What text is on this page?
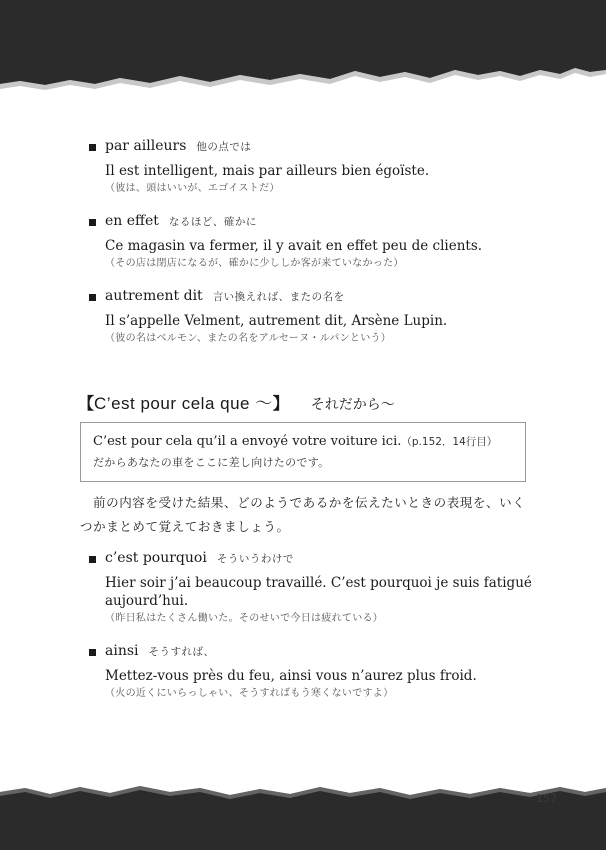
par ailleurs 他の点では
Il est intelligent, mais par ailleurs bien égoïste.
（彼は、頭はいいが、エゴイストだ）
en effet なるほど、確かに
Ce magasin va fermer, il y avait en effet peu de clients.
（その店は閉店になるが、確かに少ししか客が来ていなかった）
autrement dit 言い換えれば、またの名を
Il s’appelle Velment, autrement dit, Arsène Lupin.
（彼の名はベルモン、またの名をアルセーヌ・ルパンという）
【C’est pour cela que ～】 それだから～
C’est pour cela qu’il a envoyé votre voiture ici.（p.152．14行目）
だからあなたの車をここに差し向けたのです。
前の内容を受けた結果、どのようであるかを伝えたいときの表現を、いくつかまとめて覚えておきましょう。
c’est pourquoi そういうわけで
Hier soir j’ai beaucoup travaillé. C’est pourquoi je suis fatigué aujourd’hui.
（昨日私はたくさん働いた。そのせいで今日は疲れている）
ainsi そうすれば、
Mettez-vous près du feu, ainsi vous n’aurez plus froid.
（火の近くにいらっしゃい、そうすればもう寒くないですよ）
157
